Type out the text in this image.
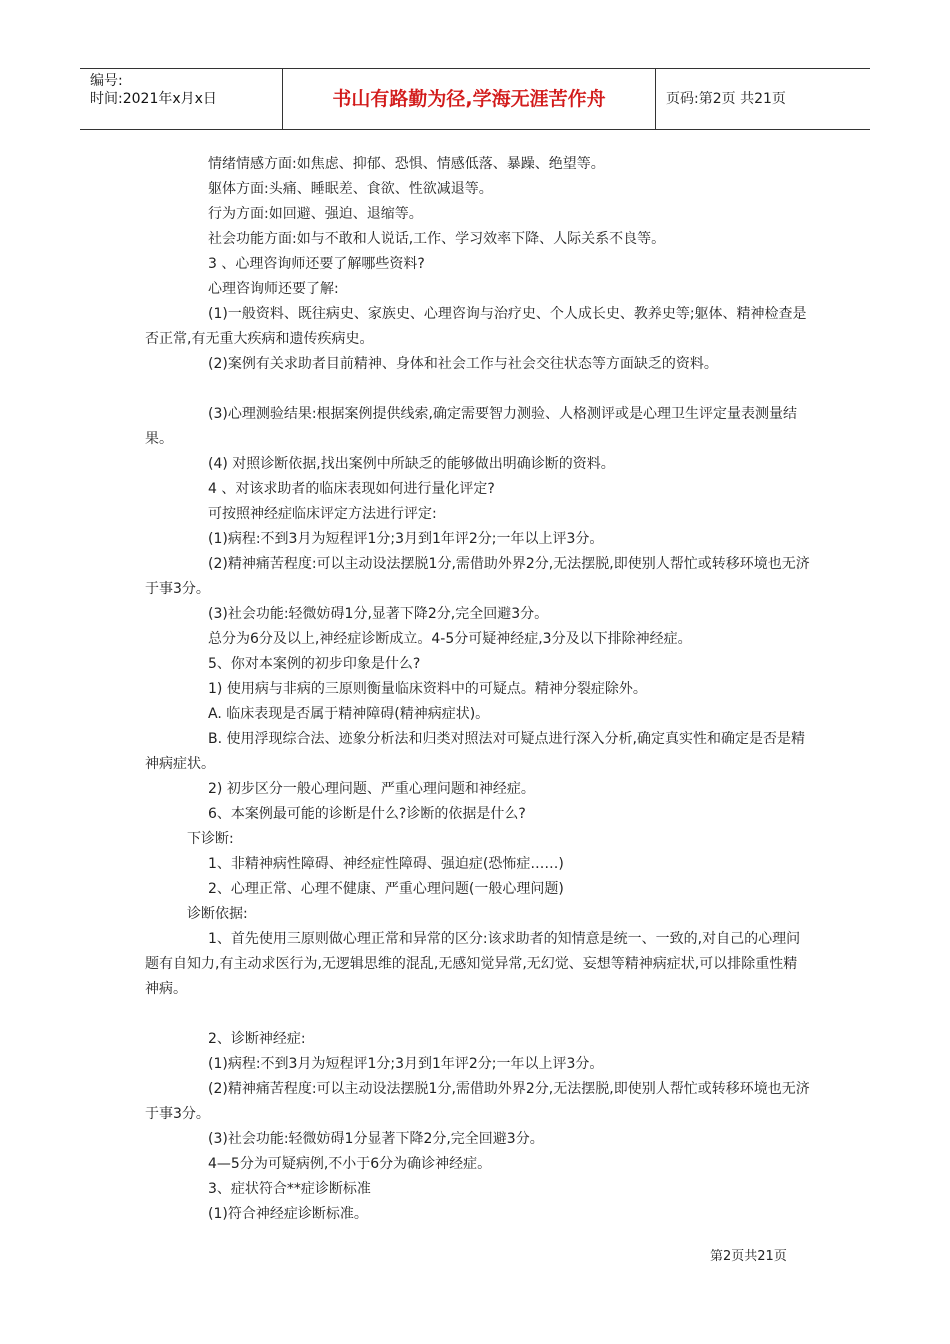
编号:
时间:2021年x月x日	书山有路勤为径,学海无涯苦作舟	页码:第2页 共21页

情绪情感方面:如焦虑、抑郁、恐惧、情感低落、暴躁、绝望等。

躯体方面:头痛、睡眠差、食欲、性欲减退等。

行为方面:如回避、强迫、退缩等。

社会功能方面:如与不敢和人说话,工作、学习效率下降、人际关系不良等。

3 、心理咨询师还要了解哪些资料?

心理咨询师还要了解:

(1)一般资料、既往病史、家族史、心理咨询与治疗史、个人成长史、教养史等;躯体、精神检查是否正常,有无重大疾病和遗传疾病史。

(2)案例有关求助者目前精神、身体和社会工作与社会交往状态等方面缺乏的资料。

(3)心理测验结果:根据案例提供线索,确定需要智力测验、人格测评或是心理卫生评定量表测量结果。

(4) 对照诊断依据,找出案例中所缺乏的能够做出明确诊断的资料。

4 、对该求助者的临床表现如何进行量化评定?

可按照神经症临床评定方法进行评定:

(1)病程:不到3月为短程评1分;3月到1年评2分;一年以上评3分。

(2)精神痛苦程度:可以主动设法摆脱1分,需借助外界2分,无法摆脱,即使别人帮忙或转移环境也无济于事3分。

(3)社会功能:轻微妨碍1分,显著下降2分,完全回避3分。

总分为6分及以上,神经症诊断成立。4-5分可疑神经症,3分及以下排除神经症。

5、你对本案例的初步印象是什么?

1) 使用病与非病的三原则衡量临床资料中的可疑点。精神分裂症除外。

A. 临床表现是否属于精神障碍(精神病症状)。

B. 使用浮现综合法、迹象分析法和归类对照法对可疑点进行深入分析,确定真实性和确定是否是精神病症状。

2) 初步区分一般心理问题、严重心理问题和神经症。

6、本案例最可能的诊断是什么?诊断的依据是什么?

下诊断:

1、非精神病性障碍、神经症性障碍、强迫症(恐怖症……)

2、心理正常、心理不健康、严重心理问题(一般心理问题)

诊断依据:

1、首先使用三原则做心理正常和异常的区分:该求助者的知情意是统一、一致的,对自己的心理问题有自知力,有主动求医行为,无逻辑思维的混乱,无感知觉异常,无幻觉、妄想等精神病症状,可以排除重性精神病。

2、诊断神经症:

(1)病程:不到3月为短程评1分;3月到1年评2分;一年以上评3分。

(2)精神痛苦程度:可以主动设法摆脱1分,需借助外界2分,无法摆脱,即使别人帮忙或转移环境也无济于事3分。

(3)社会功能:轻微妨碍1分显著下降2分,完全回避3分。

4—5分为可疑病例,不小于6分为确诊神经症。

3、症状符合**症诊断标准

(1)符合神经症诊断标准。

第2页共21页
